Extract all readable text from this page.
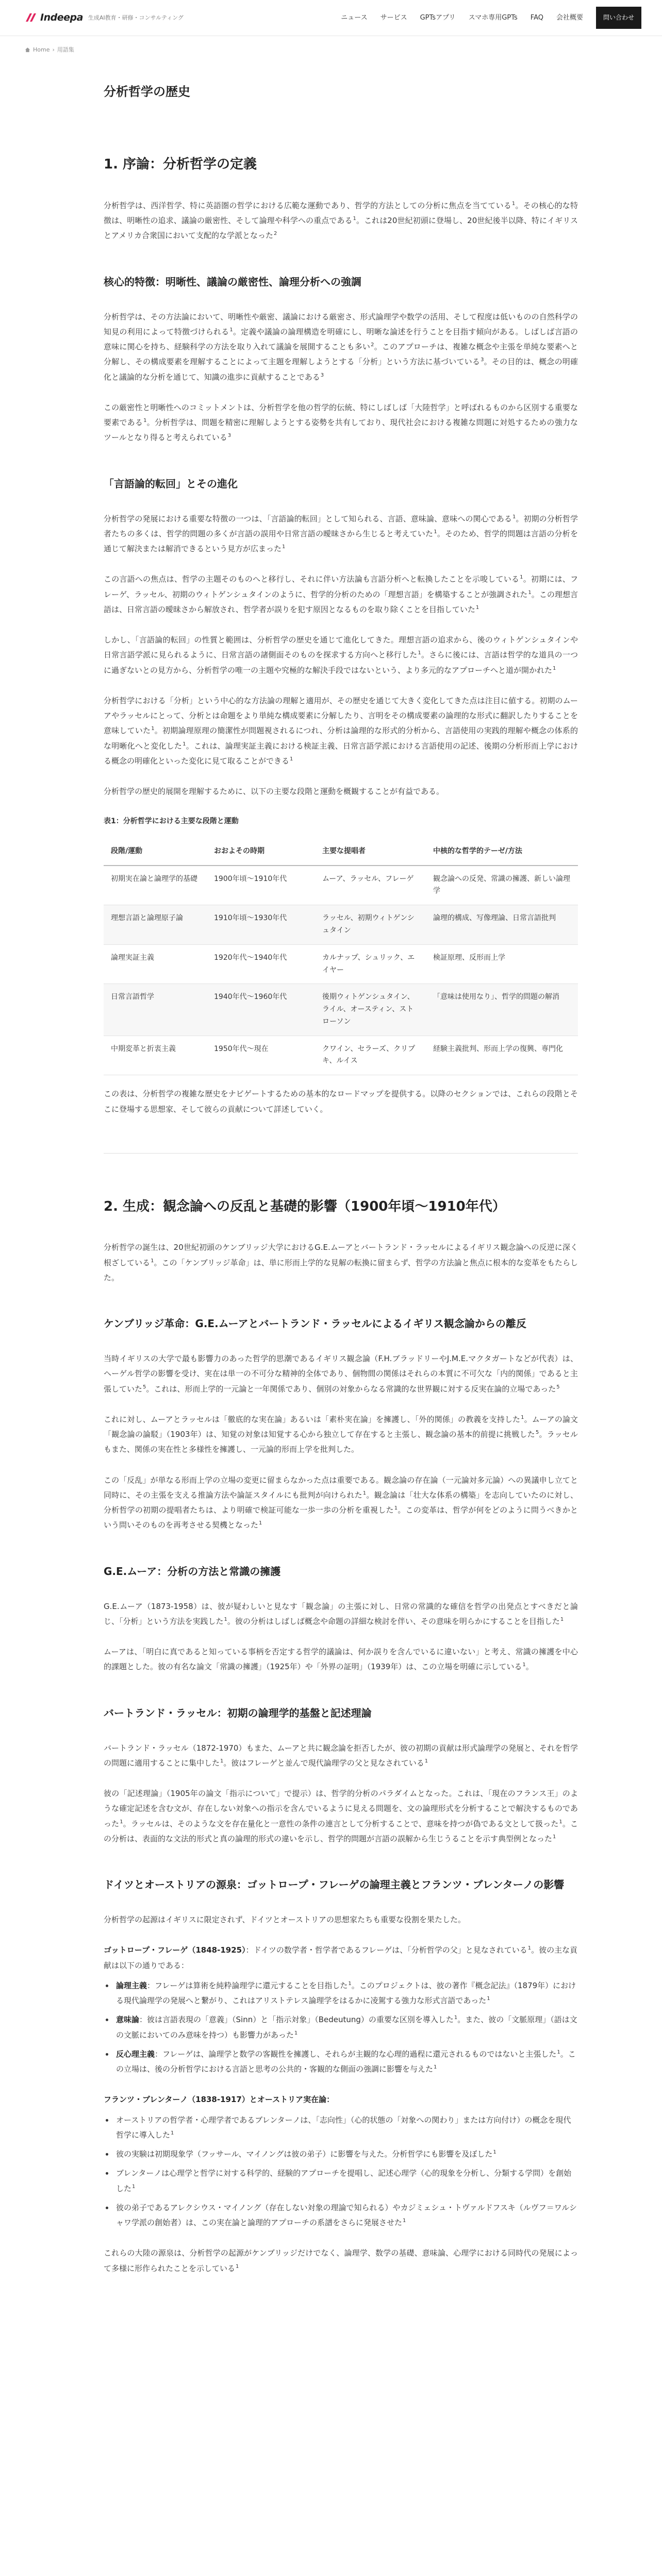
Indeepa 生成AI教育・研修・コンサルティング	ニュース サービス GPTsアプリ スマホ専用GPTs FAQ 会社概要	問い合わせ
Home › 用語集
分析哲学の歴史
1. 序論：分析哲学の定義

分析哲学は、西洋哲学、特に英語圏の哲学における広範な運動であり、哲学的方法としての分析に焦点を当てている$^1$。その核心的な特徴は、明晰性の追求、議論の厳密性、そして論理や科学への重点である$^1$。これは20世紀初頭に登場し、20世紀後半以降、特にイギリスとアメリカ合衆国において支配的な学派となった$^2$

核心的特徴：明晰性、議論の厳密性、論理分析への強調

分析哲学は、その方法論において、明晰性や厳密、議論における厳密さ、形式論理学や数学の活用、そして程度は低いものの自然科学の知見の利用によって特徴づけられる$^1$。定義や議論の論理構造を明確にし、明晰な論述を行うことを目指す傾向がある。しばしば言語の意味に関心を持ち、経験科学の方法を取り入れて議論を展開することも多い$^2$。このアプローチは、複雑な概念や主張を単純な要素へと分解し、その構成要素を理解することによって主題を理解しようとする「分析」という方法に基づいている$^3$。その目的は、概念の明確化と議論的な分析を通じて、知識の進歩に貢献することである$^3$

この厳密性と明晰性へのコミットメントは、分析哲学を他の哲学的伝統、特にしばしば「大陸哲学」と呼ばれるものから区別する重要な要素である$^1$。分析哲学は、問題を精密に理解しようとする姿勢を共有しており、現代社会における複雑な問題に対処するための強力なツールとなり得ると考えられている$^3$

「言語論的転回」とその進化

分析哲学の発展における重要な特徴の一つは、「言語論的転回」として知られる、言語、意味論、意味への関心である$^1$。初期の分析哲学者たちの多くは、哲学的問題の多くが言語の誤用や日常言語の曖昧さから生じると考えていた$^1$。そのため、哲学的問題は言語の分析を通じて解決または解消できるという見方が広まった$^1$

この言語への焦点は、哲学の主題そのものへと移行し、それに伴い方法論も言語分析へと転換したことを示唆している$^1$。初期には、フレーゲ、ラッセル、初期のウィトゲンシュタインのように、哲学的分析のための「理想言語」を構築することが強調された$^1$。この理想言語は、日常言語の曖昧さから解放され、哲学者が誤りを犯す原因となるものを取り除くことを目指していた$^1$

しかし、「言語論的転回」の性質と範囲は、分析哲学の歴史を通じて進化してきた。理想言語の追求から、後のウィトゲンシュタインや日常言語学派に見られるように、日常言語の諸側面そのものを探求する方向へと移行した$^1$。さらに後には、言語は哲学的な道具の一つに過ぎないとの見方から、分析哲学の唯一の主題や究極的な解決手段ではないという、より多元的なアプローチへと道が開かれた$^1$

分析哲学における「分析」という中心的な方法論の理解と適用が、その歴史を通じて大きく変化してきた点は注目に値する。初期のムーアやラッセルにとって、分析とは命題をより単純な構成要素に分解したり、言明をその構成要素の論理的な形式に翻訳したりすることを意味していた$^1$。初期論理原理の簡潔性が問題視されるにつれ、分析は論理的な形式的分析から、言語使用の実践的理解や概念の体系的な明晰化へと変化した$^1$。これは、論理実証主義における検証主義、日常言語学派における言語使用の記述、後期の分析形而上学における概念の明確化といった変化に見て取ることができる$^1$

分析哲学の歴史的展開を理解するために、以下の主要な段階と運動を概観することが有益である。

表1：分析哲学における主要な段階と運動
段階/運動	おおよその時期	主要な提唱者	中核的な哲学的テーゼ/方法
初期実在論と論理学的基礎	1900年頃〜1910年代	ムーア、ラッセル、フレーゲ	観念論への反発、常識の擁護、新しい論理学
理想言語と論理原子論	1910年頃〜1930年代	ラッセル、初期ウィトゲンシュタイン	論理的構成、写像理論、日常言語批判
論理実証主義	1920年代〜1940年代	カルナップ、シュリック、エイヤー	検証原理、反形而上学
日常言語哲学	1940年代〜1960年代	後期ウィトゲンシュタイン、ライル、オースティン、ストローソン	「意味は使用なり」、哲学的問題の解消
中期変革と折衷主義	1950年代〜現在	クワイン、セラーズ、クリプキ、ルイス	経験主義批判、形而上学の復興、専門化

この表は、分析哲学の複雑な歴史をナビゲートするための基本的なロードマップを提供する。以降のセクションでは、これらの段階とそこに登場する思想家、そして彼らの貢献について詳述していく。

2. 生成：観念論への反乱と基礎的影響（1900年頃〜1910年代）

分析哲学の誕生は、20世紀初頭のケンブリッジ大学におけるG.E.ムーアとバートランド・ラッセルによるイギリス観念論への反逆に深く根ざしている$^1$。この「ケンブリッジ革命」は、単に形而上学的な見解の転換に留まらず、哲学の方法論と焦点に根本的な変革をもたらした。

ケンブリッジ革命：G.E.ムーアとバートランド・ラッセルによるイギリス観念論からの離反

当時イギリスの大学で最も影響力のあった哲学的思潮であるイギリス観念論（F.H.ブラッドリーやJ.M.E.マクタガートなどが代表）は、ヘーゲル哲学の影響を受け、実在は単一の不可分な精神的全体であり、個物間の関係はそれらの本質に不可欠な「内的関係」であると主張していた$^5$。これは、形而上学的一元論と一年関係であり、個別の対象からなる常識的な世界観に対する反実在論的立場であった$^5$

これに対し、ムーアとラッセルは「徹底的な実在論」あるいは「素朴実在論」を擁護し、「外的関係」の教義を支持した$^1$。ムーアの論文「観念論の論駁」（1903年）は、知覚の対象は知覚する心から独立して存在すると主張し、観念論の基本的前提に挑戦した$^5$。ラッセルもまた、関係の実在性と多様性を擁護し、一元論的形而上学を批判した。

この「反乱」が単なる形而上学の立場の変更に留まらなかった点は重要である。観念論の存在論（一元論対多元論）への異議申し立てと同時に、その主張を支える推論方法や論証スタイルにも批判が向けられた$^1$。観念論は「壮大な体系の構築」を志向していたのに対し、分析哲学の初期の提唱者たちは、より明確で検証可能な一歩一歩の分析を重視した$^1$。この変革は、哲学が何をどのように問うべきかという問いそのものを再考させる契機となった$^1$

G.E.ムーア：分析の方法と常識の擁護

G.E.ムーア（1873-1958）は、彼が疑わしいと見なす「観念論」の主張に対し、日常の常識的な確信を哲学の出発点とすべきだと論じ、「分析」という方法を実践した$^1$。彼の分析はしばしば概念や命題の詳細な検討を伴い、その意味を明らかにすることを目指した$^1$

ムーアは、「明白に真であると知っている事柄を否定する哲学的議論は、何か誤りを含んでいるに違いない」と考え、常識の擁護を中心的課題とした。彼の有名な論文「常識の擁護」（1925年）や「外界の証明」（1939年）は、この立場を明確に示している$^1$。

バートランド・ラッセル：初期の論理学的基盤と記述理論

バートランド・ラッセル（1872-1970）もまた、ムーアと共に観念論を拒否したが、彼の初期の貢献は形式論理学の発展と、それを哲学の問題に適用することに集中した$^1$。彼はフレーゲと並んで現代論理学の父と見なされている$^1$

彼の「記述理論」（1905年の論文「指示について」で提示）は、哲学的分析のパラダイムとなった。これは、「現在のフランス王」のような確定記述を含む文が、存在しない対象への指示を含んでいるように見える問題を、文の論理形式を分析することで解決するものであった$^1$。ラッセルは、そのような文を存在量化と一意性の条件の連言として分析することで、意味を持つが偽である文として扱った$^1$。この分析は、表面的な文法的形式と真の論理的形式の違いを示し、哲学的問題が言語の誤解から生じうることを示す典型例となった$^1$

ドイツとオーストリアの源泉：ゴットロープ・フレーゲの論理主義とフランツ・ブレンターノの影響

分析哲学の起源はイギリスに限定されず、ドイツとオーストリアの思想家たちも重要な役割を果たした。

ゴットロープ・フレーゲ（1848-1925）：ドイツの数学者・哲学者であるフレーゲは、「分析哲学の父」と見なされている$^1$。彼の主な貢献は以下の通りである：

• 論理主義：フレーゲは算術を純粋論理学に還元することを目指した$^1$。このプロジェクトは、彼の著作『概念記法』（1879年）における現代論理学の発展へと繋がり、これはアリストテレス論理学をはるかに凌駕する強力な形式言語であった$^1$
• 意味論：彼は言語表現の「意義」（Sinn）と「指示対象」（Bedeutung）の重要な区別を導入した$^1$。また、彼の「文脈原理」（語は文の文脈においてのみ意味を持つ）も影響力があった$^1$
• 反心理主義：フレーゲは、論理学と数学の客観性を擁護し、それらが主観的な心理的過程に還元されるものではないと主張した$^1$。この立場は、後の分析哲学における言語と思考の公共的・客観的な側面の強調に影響を与えた$^1$

フランツ・ブレンターノ（1838-1917）とオーストリア実在論：

• オーストリアの哲学者・心理学者であるブレンターノは、「志向性」（心的状態の「対象への関わり」または方向付け）の概念を現代哲学に導入した$^1$
• 彼の実験は初期現象学（フッサール、マイノングは彼の弟子）に影響を与えた。分析哲学にも影響を及ぼした$^1$
• ブレンターノは心理学と哲学に対する科学的、経験的アプローチを提唱し、記述心理学（心的現象を分析し、分類する学問）を創始した$^1$
• 彼の弟子であるアレクシウス・マイノング（存在しない対象の理論で知られる）やカジミェシュ・トヴァルドフスキ（ルヴフ＝ワルシャワ学派の創始者）は、この実在論と論理的アプローチの系譜をさらに発展させた$^1$

これらの大陸の源泉は、分析哲学の起源がケンブリッジだけでなく、論理学、数学の基礎、意味論、心理学における同時代の発展によって多様に形作られたことを示している$^1$
